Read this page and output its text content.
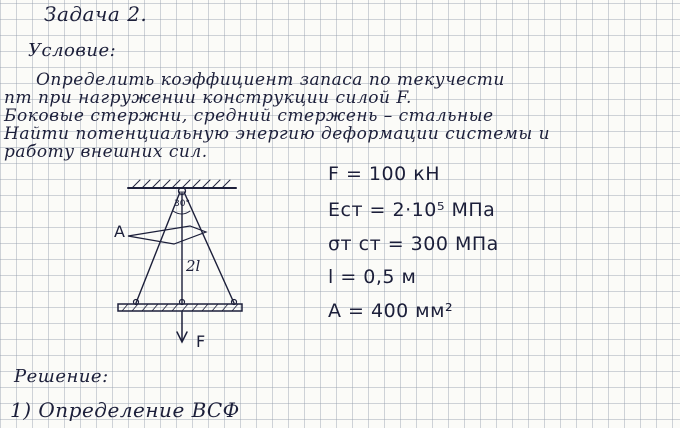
Задача 2.
Условие:
Определить коэффициент запаса по текучести
nт при нагружении конструкции силой F.
Боковые стержни, средний стержень – стальные
Найти потенциальную энергию деформации системы и
работу внешних сил.
A
30°
2l
F
F = 100 кН
Eст = 2·10⁵ МПа
σт ст = 300 МПа
l = 0,5 м
A = 400 мм²
Решение:
1) Определение ВСФ
